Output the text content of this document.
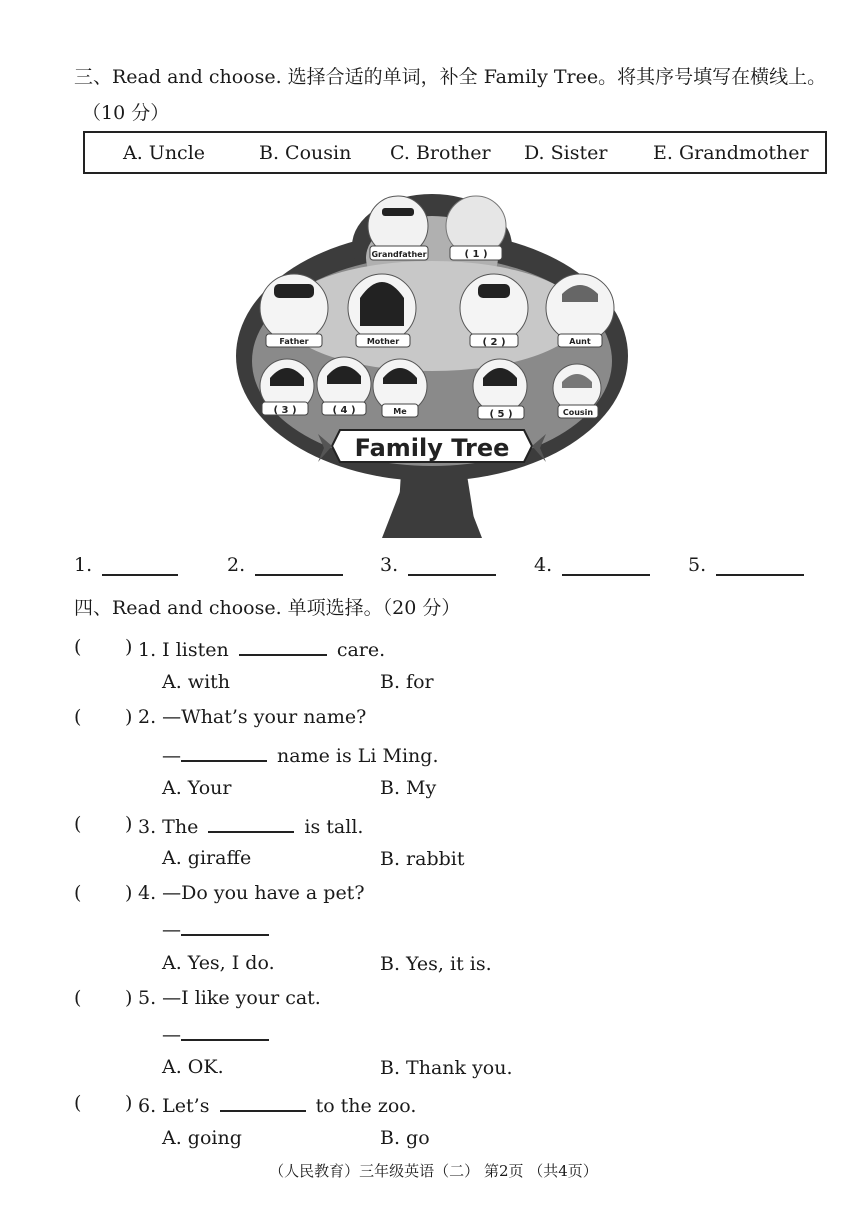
三、Read and choose. 选择合适的单词，补全 Family Tree。将其序号填写在横线上。
（10 分）
A. Uncle	B. Cousin C. Brother D. Sister E. Grandmother
Grandfather	( 1 )
Father	Mother	( 2 )	Aunt
( 3 )	( 4 )	Me	( 5 )	Cousin
Family Tree
1.	2.	3.	4.	5.
四、Read and choose. 单项选择。（20 分）
( ) 1. I listen	care.
A. with	B. for
( ) 2. —What’s your name?
—	name is Li Ming.
A. Your	B. My
( ) 3. The	is tall.
A. giraffe	B. rabbit
( ) 4. —Do you have a pet?
—
A. Yes, I do.	B. Yes, it is.
( ) 5. —I like your cat.
—
A. OK.	B. Thank you.
( ) 6. Let’s	to the zoo.
A. going	B. go
（人民教育）三年级英语（二） 第2页 （共4页）
